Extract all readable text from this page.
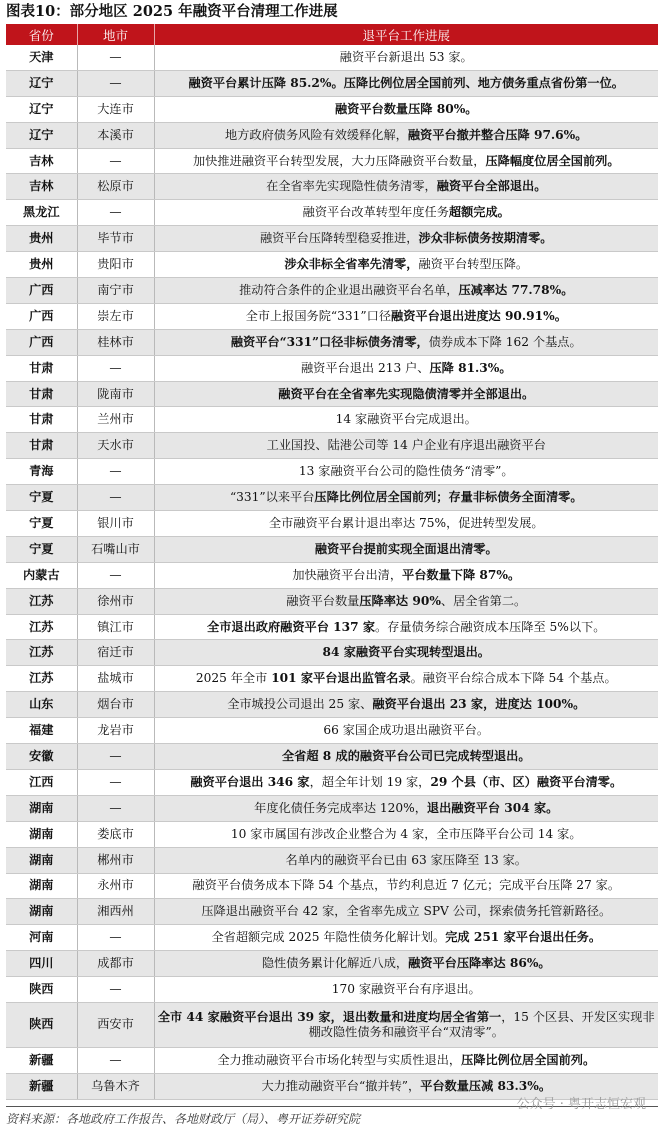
图表10：部分地区 2025 年融资平台清理工作进展
省份	地市	退平台工作进展
天津	—	融资平台新退出 53 家。
辽宁	—	融资平台累计压降 85.2%。压降比例位居全国前列、地方债务重点省份第一位。
辽宁	大连市	融资平台数量压降 80%。
辽宁	本溪市	地方政府债务风险有效缓释化解，融资平台撤并整合压降 97.6%。
吉林	—	加快推进融资平台转型发展，大力压降融资平台数量，压降幅度位居全国前列。
吉林	松原市	在全省率先实现隐性债务清零，融资平台全部退出。
黑龙江	—	融资平台改革转型年度任务超额完成。
贵州	毕节市	融资平台压降转型稳妥推进，涉众非标债务按期清零。
贵州	贵阳市	涉众非标全省率先清零，融资平台转型压降。
广西	南宁市	推动符合条件的企业退出融资平台名单，压减率达 77.78%。
广西	崇左市	全市上报国务院“331”口径融资平台退出进度达 90.91%。
广西	桂林市	融资平台“331”口径非标债务清零，债券成本下降 162 个基点。
甘肃	—	融资平台退出 213 户、压降 81.3%。
甘肃	陇南市	融资平台在全省率先实现隐债清零并全部退出。
甘肃	兰州市	14 家融资平台完成退出。
甘肃	天水市	工业国投、陆港公司等 14 户企业有序退出融资平台
青海	—	13 家融资平台公司的隐性债务“清零”。
宁夏	—	“331”以来平台压降比例位居全国前列；存量非标债务全面清零。
宁夏	银川市	全市融资平台累计退出率达 75%，促进转型发展。
宁夏	石嘴山市	融资平台提前实现全面退出清零。
内蒙古	—	加快融资平台出清，平台数量下降 87%。
江苏	徐州市	融资平台数量压降率达 90%、居全省第二。
江苏	镇江市	全市退出政府融资平台 137 家。存量债务综合融资成本压降至 5%以下。
江苏	宿迁市	84 家融资平台实现转型退出。
江苏	盐城市	2025 年全市 101 家平台退出监管名录。融资平台综合成本下降 54 个基点。
山东	烟台市	全市城投公司退出 25 家、融资平台退出 23 家，进度达 100%。
福建	龙岩市	66 家国企成功退出融资平台。
安徽	—	全省超 8 成的融资平台公司已完成转型退出。
江西	—	融资平台退出 346 家，超全年计划 19 家，29 个县（市、区）融资平台清零。
湖南	—	年度化债任务完成率达 120%，退出融资平台 304 家。
湖南	娄底市	10 家市属国有涉改企业整合为 4 家，全市压降平台公司 14 家。
湖南	郴州市	名单内的融资平台已由 63 家压降至 13 家。
湖南	永州市	融资平台债务成本下降 54 个基点，节约利息近 7 亿元；完成平台压降 27 家。
湖南	湘西州	压降退出融资平台 42 家，全省率先成立 SPV 公司，探索债务托管新路径。
河南	—	全省超额完成 2025 年隐性债务化解计划。完成 251 家平台退出任务。
四川	成都市	隐性债务累计化解近八成，融资平台压降率达 86%。
陕西	—	170 家融资平台有序退出。
陕西	西安市	全市 44 家融资平台退出 39 家，退出数量和进度均居全省第一，15 个区县、开发区实现非棚改隐性债务和融资平台“双清零”。
新疆	—	全力推动融资平台市场化转型与实质性退出，压降比例位居全国前列。
新疆	乌鲁木齐	大力推动融资平台“撤并转”，平台数量压减 83.3%。
资料来源：各地政府工作报告、各地财政厅（局）、粤开证券研究院
公众号 · 粤开志恒宏观
